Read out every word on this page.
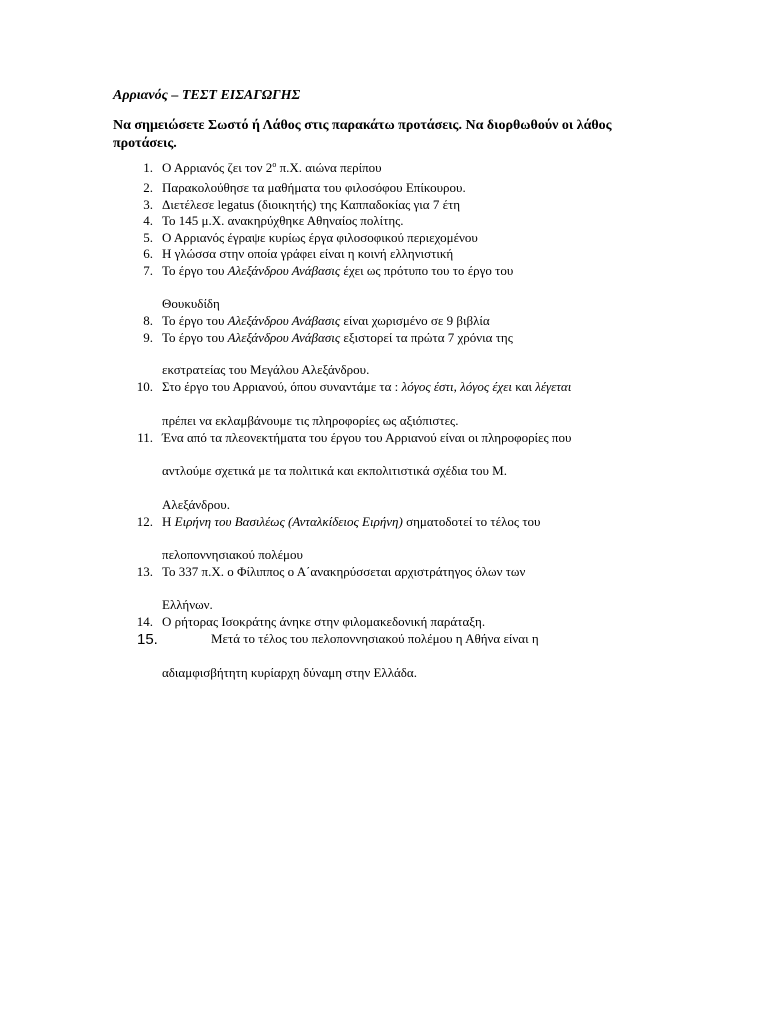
Αρριανός – ΤΕΣΤ ΕΙΣΑΓΩΓΗΣ
Να σημειώσετε Σωστό ή Λάθος στις παρακάτω προτάσεις. Να διορθωθούν οι λάθος προτάσεις.
1. Ο Αρριανός ζει τον $2^o$ π.Χ. αιώνα περίπου
2. Παρακολούθησε τα μαθήματα του φιλοσόφου Επίκουρου.
3. Διετέλεσε legatus (διοικητής) της Καππαδοκίας για 7 έτη
4. Το 145 μ.Χ. ανακηρύχθηκε Αθηναίος πολίτης.
5. Ο Αρριανός έγραψε κυρίως έργα φιλοσοφικού περιεχομένου
6. Η γλώσσα στην οποία γράφει είναι η κοινή ελληνιστική
7. Το έργο του Αλεξάνδρου Ανάβασις έχει ως πρότυπο του το έργο του
Θουκυδίδη
8. Το έργο του Αλεξάνδρου Ανάβασις είναι χωρισμένο σε 9 βιβλία
9. Το έργο του Αλεξάνδρου Ανάβασις εξιστορεί τα πρώτα 7 χρόνια της
εκστρατείας του Μεγάλου Αλεξάνδρου.
10. Στο έργο του Αρριανού, όπου συναντάμε τα : λόγος έστι, λόγος έχει και λέγεται
πρέπει να εκλαμβάνουμε τις πληροφορίες ως αξιόπιστες.
11. Ένα από τα πλεονεκτήματα του έργου του Αρριανού είναι οι πληροφορίες που
αντλούμε σχετικά με τα πολιτικά και εκπολιτιστικά σχέδια του Μ.
Αλεξάνδρου.
12. Η Ειρήνη του Βασιλέως (Ανταλκίδειος Ειρήνη) σηματοδοτεί το τέλος του
πελοποννησιακού πολέμου
13. Το 337 π.Χ. ο Φίλιππος ο Α΄ανακηρύσσεται αρχιστράτηγος όλων των
Ελλήνων.
14. Ο ρήτορας Ισοκράτης άνηκε στην φιλομακεδονική παράταξη.
15.	Μετά το τέλος του πελοποννησιακού πολέμου η Αθήνα είναι η
αδιαμφισβήτητη κυρίαρχη δύναμη στην Ελλάδα.
